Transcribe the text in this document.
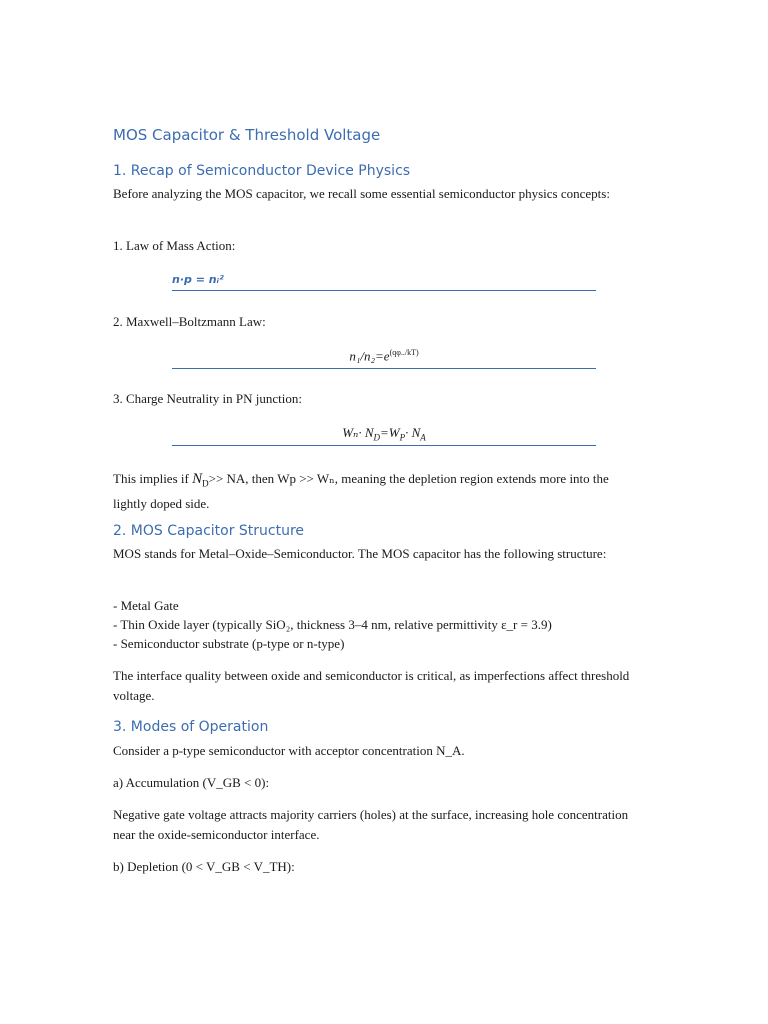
MOS Capacitor & Threshold Voltage
1. Recap of Semiconductor Device Physics

Before analyzing the MOS capacitor, we recall some essential semiconductor physics concepts:

1. Law of Mass Action:

n·p = nᵢ²

2. Maxwell–Boltzmann Law:

$n_1/n_2=e^{(q\varphi../kT)}$

3. Charge Neutrality in PN junction:

$W_n\cdot N_D=W_P\cdot N_A$

This implies if $N_D>>$ NA, then Wp >> Wₙ, meaning the depletion region extends more into the lightly doped side.

2. MOS Capacitor Structure

MOS stands for Metal–Oxide–Semiconductor. The MOS capacitor has the following structure:

- Metal Gate

- Thin Oxide layer (typically SiO₂, thickness 3–4 nm, relative permittivity ε_r = 3.9)

- Semiconductor substrate (p-type or n-type)

The interface quality between oxide and semiconductor is critical, as imperfections affect threshold voltage.

3. Modes of Operation

Consider a p-type semiconductor with acceptor concentration N_A.

a) Accumulation (V_GB < 0):

Negative gate voltage attracts majority carriers (holes) at the surface, increasing hole concentration near the oxide-semiconductor interface.

b) Depletion (0 < V_GB < V_TH):
